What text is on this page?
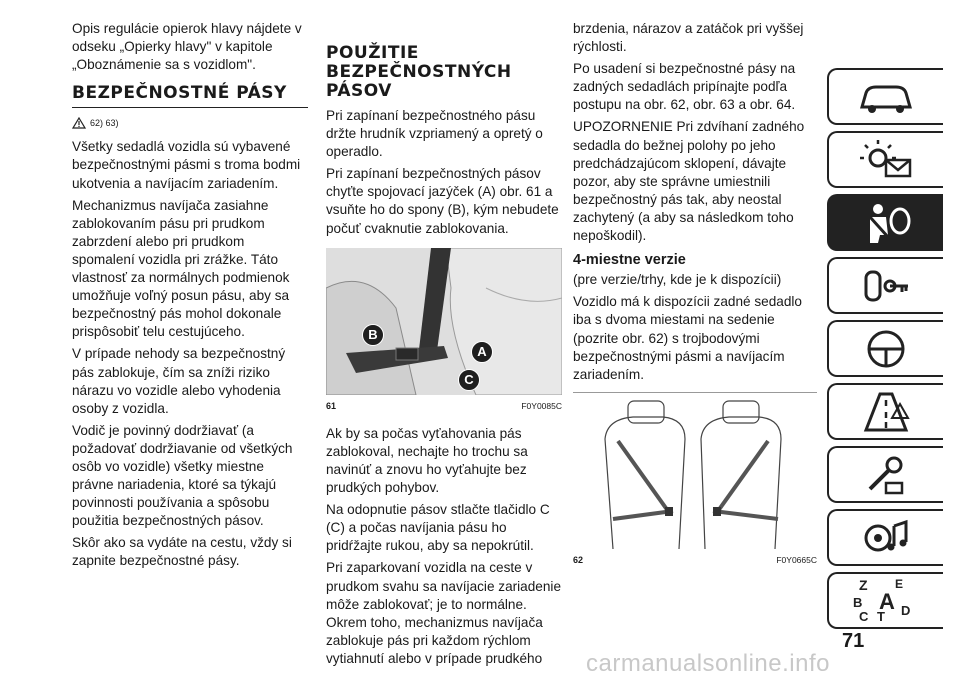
Opis regulácie opierok hlavy nájdete v odseku „Opierky hlavy" v kapitole „Oboznámenie sa s vozidlom".

BEZPEČNOSTNÉ PÁSY
62) 63)

Všetky sedadlá vozidla sú vybavené bezpečnostnými pásmi s troma bodmi ukotvenia a navíjacím zariadením.

Mechanizmus navíjača zasiahne zablokovaním pásu pri prudkom zabrzdení alebo pri prudkom spomalení vozidla pri zrážke. Táto vlastnosť za normálnych podmienok umožňuje voľný posun pásu, aby sa bezpečnostný pás mohol dokonale prispôsobiť telu cestujúceho.

V prípade nehody sa bezpečnostný pás zablokuje, čím sa zníži riziko nárazu vo vozidle alebo vyhodenia osoby z vozidla.

Vodič je povinný dodržiavať (a požadovať dodržiavanie od všetkých osôb vo vozidle) všetky miestne právne nariadenia, ktoré sa týkajú povinnosti používania a spôsobu použitia bezpečnostných pásov.

Skôr ako sa vydáte na cestu, vždy si zapnite bezpečnostné pásy.

POUŽITIE BEZPEČNOSTNÝCH PÁSOV

Pri zapínaní bezpečnostného pásu držte hrudník vzpriamený a opretý o operadlo.

Pri zapínaní bezpečnostných pásov chyťte spojovací jazýček (A) obr. 61 a vsuňte ho do spony (B), kým nebudete počuť cvaknutie zablokovania.

B
A
C
61	F0Y0085C

Ak by sa počas vyťahovania pás zablokoval, nechajte ho trochu sa navinúť a znovu ho vyťahujte bez prudkých pohybov.

Na odopnutie pásov stlačte tlačidlo C (C) a počas navíjania pásu ho pridŕžajte rukou, aby sa nepokrútil.

Pri zaparkovaní vozidla na ceste v prudkom svahu sa navíjacie zariadenie môže zablokovať; je to normálne. Okrem toho, mechanizmus navíjača zablokuje pás pri každom rýchlom vytiahnutí alebo v prípade prudkého

brzdenia, nárazov a zatáčok pri vyššej rýchlosti.

Po usadení si bezpečnostné pásy na zadných sedadlách pripínajte podľa postupu na obr. 62, obr. 63 a obr. 64.

UPOZORNENIE Pri zdvíhaní zadného sedadla do bežnej polohy po jeho predchádzajúcom sklopení, dávajte pozor, aby ste správne umiestnili bezpečnostný pás tak, aby neostal zachytený (a aby sa následkom toho nepoškodil).

4-miestne verzie

(pre verzie/trhy, kde je k dispozícii)

Vozidlo má k dispozícii zadné sedadlo iba s dvoma miestami na sedenie (pozrite obr. 62) s trojbodovými bezpečnostnými pásmi a navíjacím zariadením.

62	F0Y0665C
Z E
B A
C T D
71
carmanualsonline.info
